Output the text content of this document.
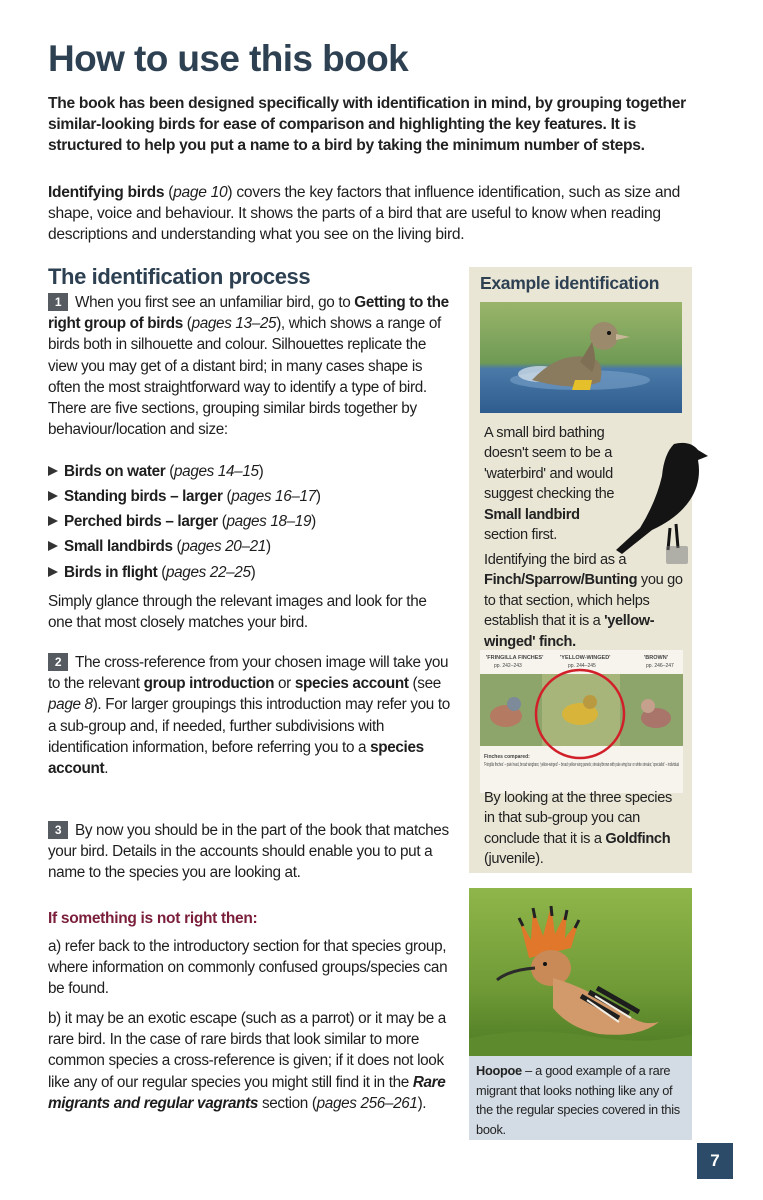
How to use this book

The book has been designed specifically with identification in mind, by grouping together similar-looking birds for ease of comparison and highlighting the key features. It is structured to help you put a name to a bird by taking the minimum number of steps.

Identifying birds (page 10) covers the key factors that influence identification, such as size and shape, voice and behaviour. It shows the parts of a bird that are useful to know when reading descriptions and understanding what you see on the living bird.

The identification process

1 When you first see an unfamiliar bird, go to Getting to the right group of birds (pages 13–25), which shows a range of birds both in silhouette and colour. Silhouettes replicate the view you may get of a distant bird; in many cases shape is often the most straightforward way to identify a type of bird. There are five sections, grouping similar birds together by behaviour/location and size:

Birds on water (pages 14–15)
Standing birds – larger (pages 16–17)
Perched birds – larger (pages 18–19)
Small landbirds (pages 20–21)
Birds in flight (pages 22–25)

Simply glance through the relevant images and look for the one that most closely matches your bird.

2 The cross-reference from your chosen image will take you to the relevant group introduction or species account (see page 8). For larger groupings this introduction may refer you to a sub-group and, if needed, further subdivisions with identification information, before referring you to a species account.

3 By now you should be in the part of the book that matches your bird. Details in the accounts should enable you to put a name to the species you are looking at.

If something is not right then:

a) refer back to the introductory section for that species group, where information on commonly confused groups/species can be found.

b) it may be an exotic escape (such as a parrot) or it may be a rare bird. In the case of rare birds that look similar to more common species a cross-reference is given; if it does not look like any of our regular species you might still find it in the Rare migrants and regular vagrants section (pages 256–261).

Example identification

A small bird bathing doesn't seem to be a 'waterbird' and would suggest checking the Small landbird section first.

Identifying the bird as a Finch/Sparrow/Bunting you go to that section, which helps establish that it is a 'yellow-winged' finch.

'FRINGILLA FINCHES'	'YELLOW-WINGED'	'BROWN'
pp. 242–243	pp. 244–245	pp. 246–247
Finches compared:
'Fringilla finches' – pale head, broad wingbars; 'yellow-winged' – broad yellow wing panels; streaky/brown with pale wing bar or white streaks; 'specialist' – individual

By looking at the three species in that sub-group you can conclude that it is a Goldfinch (juvenile).

Hoopoe – a good example of a rare migrant that looks nothing like any of the the regular species covered in this book.

7
